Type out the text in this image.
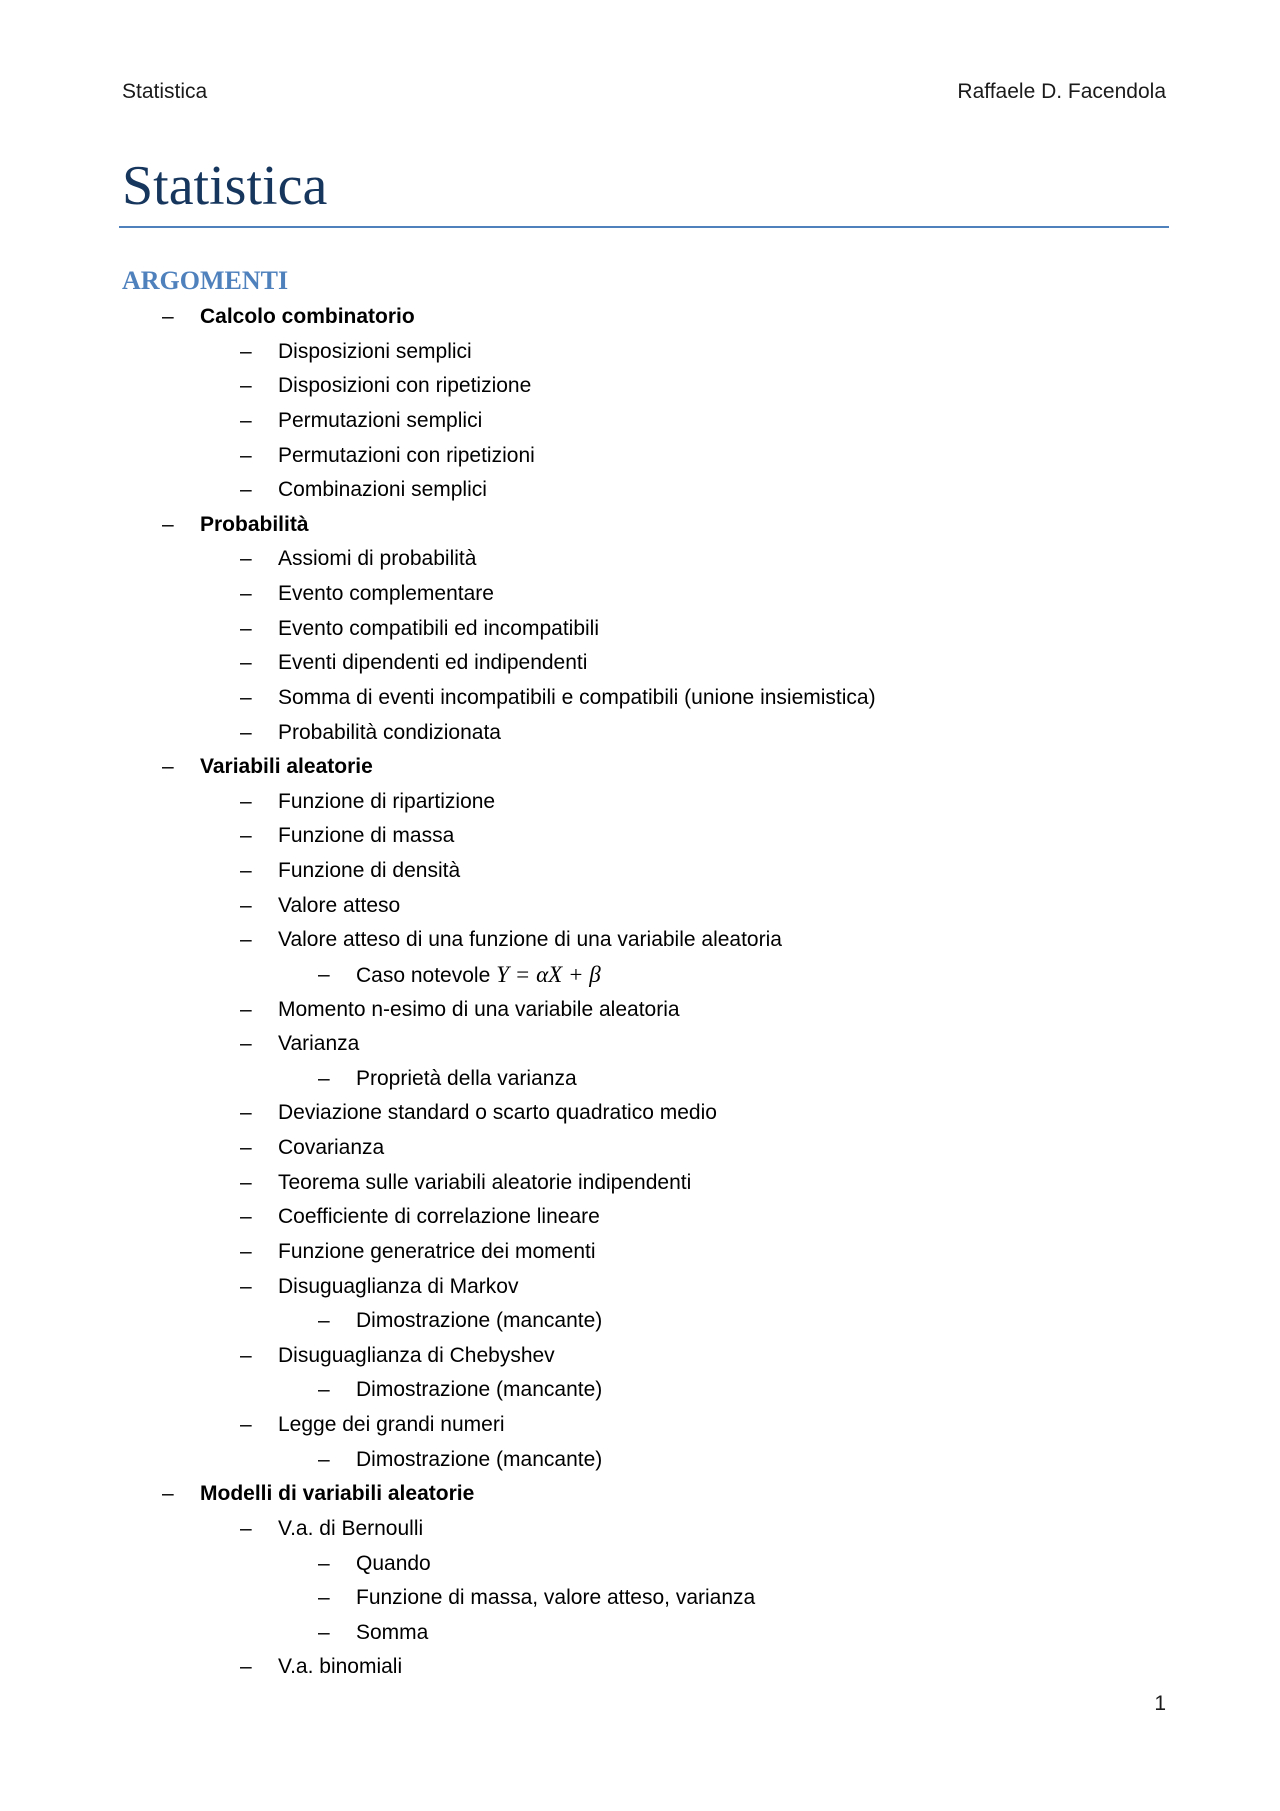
Statistica	Raffaele D. Facendola
Statistica
ARGOMENTI
– Calcolo combinatorio
– Disposizioni semplici
– Disposizioni con ripetizione
– Permutazioni semplici
– Permutazioni con ripetizioni
– Combinazioni semplici
– Probabilità
– Assiomi di probabilità
– Evento complementare
– Evento compatibili ed incompatibili
– Eventi dipendenti ed indipendenti
– Somma di eventi incompatibili e compatibili (unione insiemistica)
– Probabilità condizionata
– Variabili aleatorie
– Funzione di ripartizione
– Funzione di massa
– Funzione di densità
– Valore atteso
– Valore atteso di una funzione di una variabile aleatoria
– Caso notevole Y = αX + β
– Momento n-esimo di una variabile aleatoria
– Varianza
– Proprietà della varianza
– Deviazione standard o scarto quadratico medio
– Covarianza
– Teorema sulle variabili aleatorie indipendenti
– Coefficiente di correlazione lineare
– Funzione generatrice dei momenti
– Disuguaglianza di Markov
– Dimostrazione (mancante)
– Disuguaglianza di Chebyshev
– Dimostrazione (mancante)
– Legge dei grandi numeri
– Dimostrazione (mancante)
– Modelli di variabili aleatorie
– V.a. di Bernoulli
– Quando
– Funzione di massa, valore atteso, varianza
– Somma
– V.a. binomiali
1
